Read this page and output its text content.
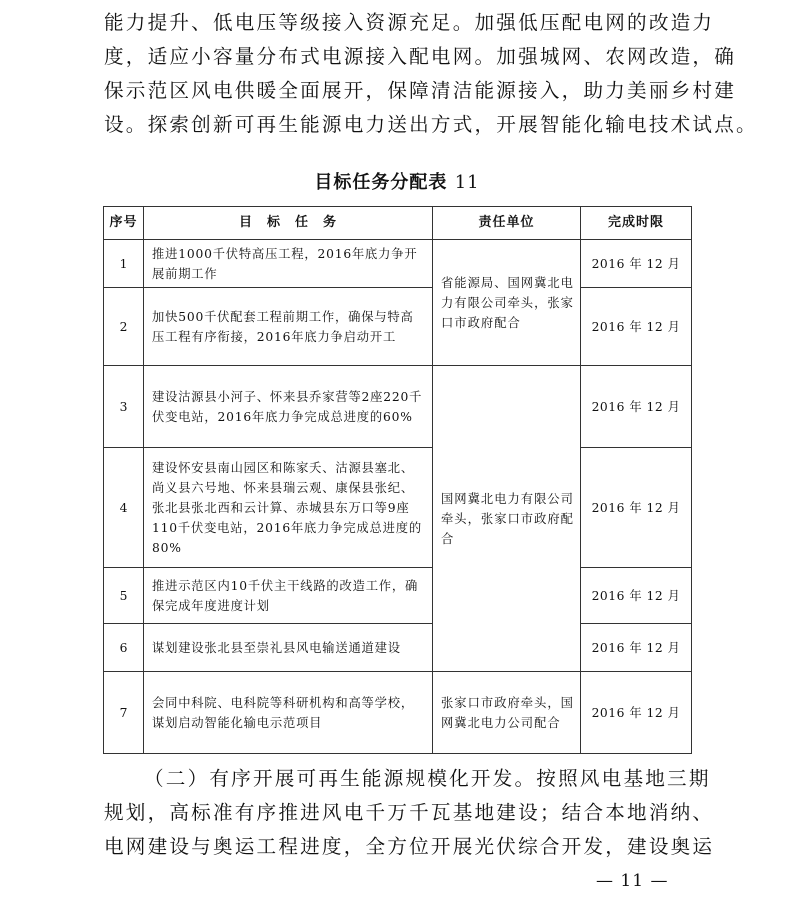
能力提升、低电压等级接入资源充足。加强低压配电网的改造力
度，适应小容量分布式电源接入配电网。加强城网、农网改造，确
保示范区风电供暖全面展开，保障清洁能源接入，助力美丽乡村建
设。探索创新可再生能源电力送出方式，开展智能化输电技术试点。
目标任务分配表 11
序号	目　标　任　务	责任单位	完成时限
1	推进1000千伏特高压工程，2016年底力争开展前期工作	省能源局、国网冀北电力有限公司牵头，张家口市政府配合	2016 年 12 月
2	加快500千伏配套工程前期工作，确保与特高压工程有序衔接，2016年底力争启动开工		2016 年 12 月
3	建设沽源县小河子、怀来县乔家营等2座220千伏变电站，2016年底力争完成总进度的60%	国网冀北电力有限公司牵头，张家口市政府配合	2016 年 12 月
4	建设怀安县南山园区和陈家夭、沽源县塞北、尚义县六号地、怀来县瑞云观、康保县张纪、张北县张北西和云计算、赤城县东万口等9座110千伏变电站，2016年底力争完成总进度的80%		2016 年 12 月
5	推进示范区内10千伏主干线路的改造工作，确保完成年度进度计划		2016 年 12 月
6	谋划建设张北县至崇礼县风电输送通道建设		2016 年 12 月
7	会同中科院、电科院等科研机构和高等学校，谋划启动智能化输电示范项目	张家口市政府牵头，国网冀北电力公司配合	2016 年 12 月
（二）有序开展可再生能源规模化开发。按照风电基地三期
规划，高标准有序推进风电千万千瓦基地建设；结合本地消纳、
电网建设与奥运工程进度，全方位开展光伏综合开发，建设奥运
— 11 —
